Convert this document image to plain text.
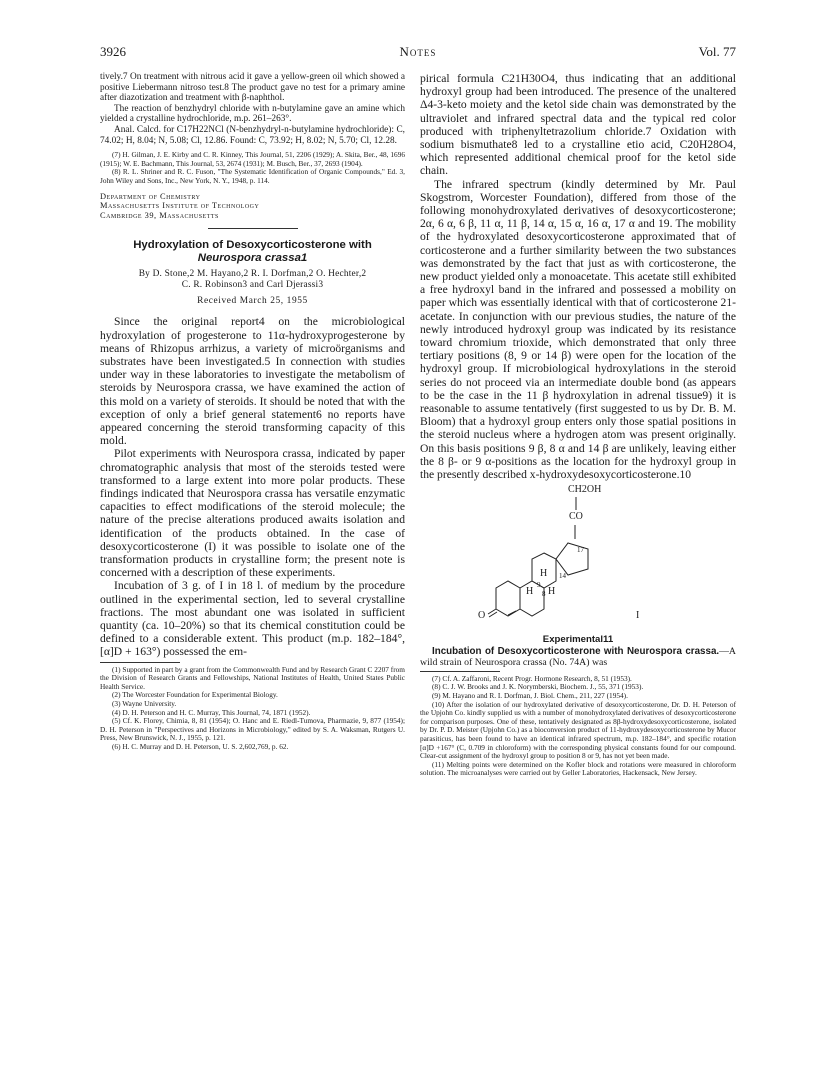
3926	Notes	Vol. 77

tively.7 On treatment with nitrous acid it gave a yellow-green oil which showed a positive Liebermann nitroso test.8 The product gave no test for a primary amine after diazotization and treatment with β-naphthol.

The reaction of benzhydryl chloride with n-butylamine gave an amine which yielded a crystalline hydrochloride, m.p. 261–263°.

Anal. Calcd. for C17H22NCl (N-benzhydryl-n-butylamine hydrochloride): C, 74.02; H, 8.04; N, 5.08; Cl, 12.86. Found: C, 73.92; H, 8.02; N, 5.70; Cl, 12.28.

(7) H. Gilman, J. E. Kirby and C. R. Kinney, This Journal, 51, 2206 (1929); A. Skita, Ber., 48, 1696 (1915); W. E. Bachmann, This Journal, 53, 2674 (1931); M. Busch, Ber., 37, 2693 (1904).

(8) R. L. Shriner and R. C. Fuson, "The Systematic Identification of Organic Compounds," Ed. 3, John Wiley and Sons, Inc., New York, N. Y., 1948, p. 114.

Department of Chemistry
Massachusetts Institute of Technology
Cambridge 39, Massachusetts
Hydroxylation of Desoxycorticosterone with
Neurospora crassa1
By D. Stone,2 M. Hayano,2 R. I. Dorfman,2 O. Hechter,2
C. R. Robinson3 and Carl Djerassi3
Received March 25, 1955

Since the original report4 on the microbiological hydroxylation of progesterone to 11α-hydroxyprogesterone by means of Rhizopus arrhizus, a variety of microörganisms and substrates have been investigated.5 In connection with studies under way in these laboratories to investigate the metabolism of steroids by Neurospora crassa, we have examined the action of this mold on a variety of steroids. It should be noted that with the exception of only a brief general statement6 no reports have appeared concerning the steroid transforming capacity of this mold.

Pilot experiments with Neurospora crassa, indicated by paper chromatographic analysis that most of the steroids tested were transformed to a large extent into more polar products. These findings indicated that Neurospora crassa has versatile enzymatic capacities to effect modifications of the steroid molecule; the nature of the precise alterations produced awaits isolation and identification of the products obtained. In the case of desoxycorticosterone (I) it was possible to isolate one of the transformation products in crystalline form; the present note is concerned with a description of these experiments.

Incubation of 3 g. of I in 18 l. of medium by the procedure outlined in the experimental section, led to several crystalline fractions. The most abundant one was isolated in sufficient quantity (ca. 10–20%) so that its chemical constitution could be defined to a considerable extent. This product (m.p. 182–184°, [α]D + 163°) possessed the em-

(1) Supported in part by a grant from the Commonwealth Fund and by Research Grant C 2207 from the Division of Research Grants and Fellowships, National Institutes of Health, United States Public Health Service.

(2) The Worcester Foundation for Experimental Biology.

(3) Wayne University.

(4) D. H. Peterson and H. C. Murray, This Journal, 74, 1871 (1952).

(5) Cf. K. Florey, Chimia, 8, 81 (1954); O. Hanc and E. Riedl-Tumova, Pharmazie, 9, 877 (1954); D. H. Peterson in "Perspectives and Horizons in Microbiology," edited by S. A. Waksman, Rutgers U. Press, New Brunswick, N. J., 1955, p. 121.

(6) H. C. Murray and D. H. Peterson, U. S. 2,602,769, p. 62.

pirical formula C21H30O4, thus indicating that an additional hydroxyl group had been introduced. The presence of the unaltered Δ4-3-keto moiety and the ketol side chain was demonstrated by the ultraviolet and infrared spectral data and the typical red color produced with triphenyltetrazolium chloride.7 Oxidation with sodium bismuthate8 led to a crystalline etio acid, C20H28O4, which represented additional chemical proof for the ketol side chain.

The infrared spectrum (kindly determined by Mr. Paul Skogstrom, Worcester Foundation), differed from those of the following monohydroxylated derivatives of desoxycorticosterone; 2α, 6 α, 6 β, 11 α, 11 β, 14 α, 15 α, 16 α, 17 α and 19. The mobility of the hydroxylated desoxycorticosterone approximated that of corticosterone and a further similarity between the two substances was demonstrated by the fact that just as with corticosterone, the new product yielded only a monoacetate. This acetate still exhibited a free hydroxyl band in the infrared and possessed a mobility on paper which was essentially identical with that of corticosterone 21-acetate. In conjunction with our previous studies, the nature of the newly introduced hydroxyl group was indicated by its resistance toward chromium trioxide, which demonstrated that only three tertiary positions (8, 9 or 14 β) were open for the location of the hydroxyl group. If microbiological hydroxylations in the steroid series do not proceed via an intermediate double bond (as appears to be the case in the 11 β hydroxylation in adrenal tissue9) it is reasonable to assume tentatively (first suggested to us by Dr. B. M. Bloom) that a hydroxyl group enters only those spatial positions in the steroid nucleus where a hydrogen atom was present originally. On this basis positions 9 β, 8 α and 14 β are unlikely, leaving either the 8 β- or 9 α-positions as the location for the hydroxyl group in the presently described x-hydroxydesoxycorticosterone.10

CH2OH
CO
O
H
H H
9
14
17
8
I
Experimental11

Incubation of Desoxycorticosterone with Neurospora crassa.—A wild strain of Neurospora crassa (No. 74A) was

(7) Cf. A. Zaffaroni, Recent Progr. Hormone Research, 8, 51 (1953).

(8) C. J. W. Brooks and J. K. Norymberski, Biochem. J., 55, 371 (1953).

(9) M. Hayano and R. I. Dorfman, J. Biol. Chem., 211, 227 (1954).

(10) After the isolation of our hydroxylated derivative of desoxycorticosterone, Dr. D. H. Peterson of the Upjohn Co. kindly supplied us with a number of monohydroxylated derivatives of desoxycorticosterone for comparison purposes. One of these, tentatively designated as 8β-hydroxydesoxycorticosterone, isolated by Dr. P. D. Meister (Upjohn Co.) as a bioconversion product of 11-hydroxydesoxycorticosterone by Mucor parasiticus, has been found to have an identical infrared spectrum, m.p. 182–184°, and specific rotation [α]D +167° (C, 0.709 in chloroform) with the corresponding physical constants found for our compound. Clear-cut assignment of the hydroxyl group to position 8 or 9, has not yet been made.

(11) Melting points were determined on the Kofler block and rotations were measured in chloroform solution. The microanalyses were carried out by Geller Laboratories, Hackensack, New Jersey.
